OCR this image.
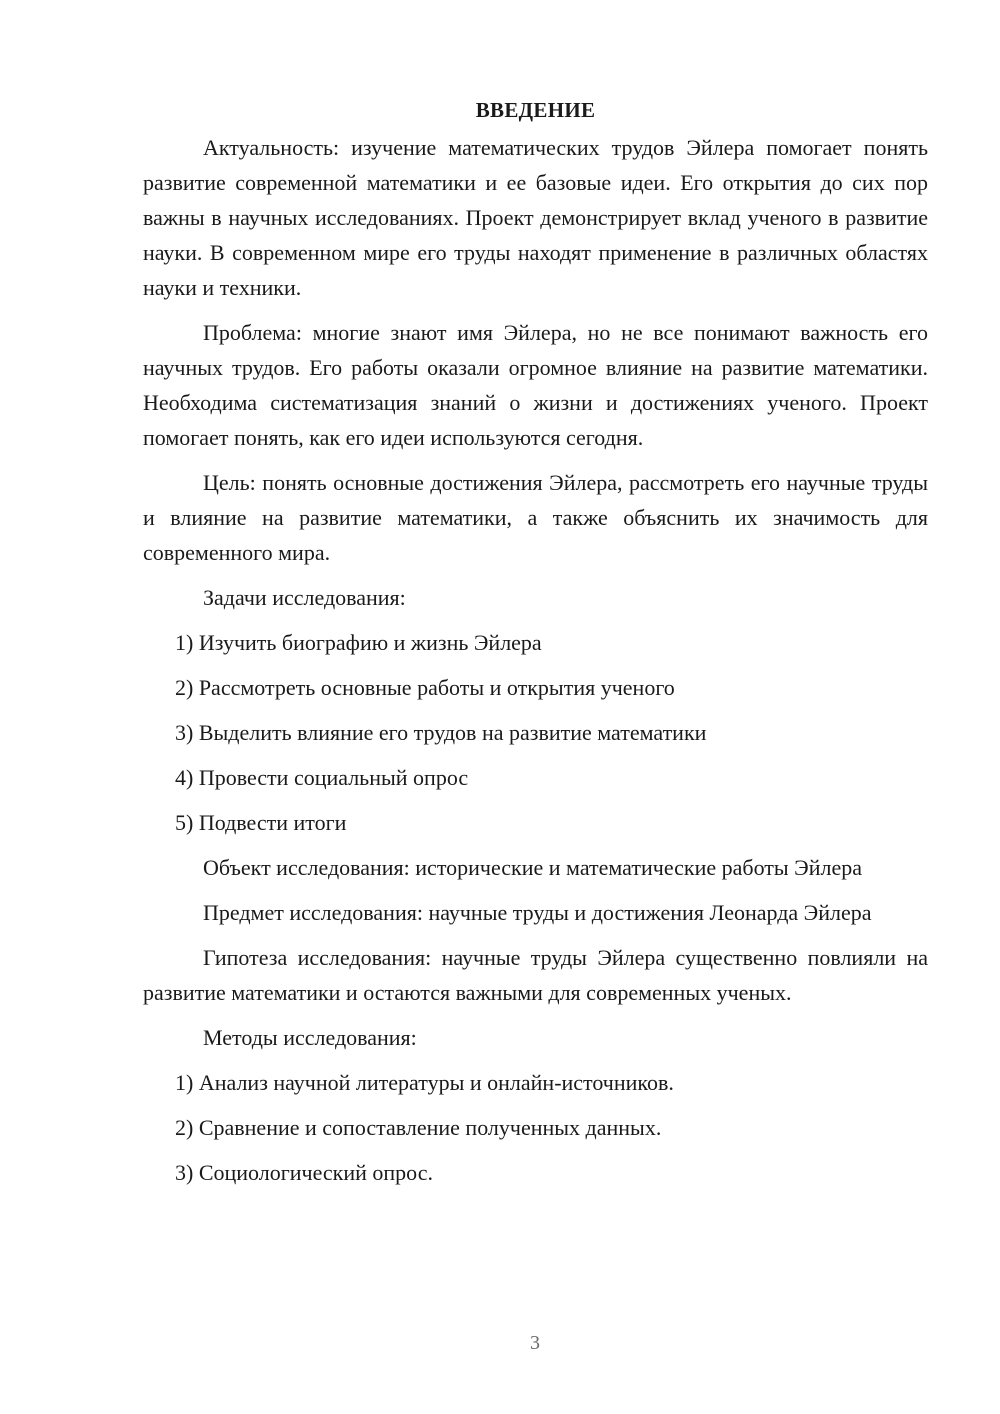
ВВЕДЕНИЕ

Актуальность: изучение математических трудов Эйлера помогает понять развитие современной математики и ее базовые идеи. Его открытия до сих пор важны в научных исследованиях. Проект демонстрирует вклад ученого в развитие науки. В современном мире его труды находят применение в различных областях науки и техники.

Проблема: многие знают имя Эйлера, но не все понимают важность его научных трудов. Его работы оказали огромное влияние на развитие математики. Необходима систематизация знаний о жизни и достижениях ученого. Проект помогает понять, как его идеи используются сегодня.

Цель: понять основные достижения Эйлера, рассмотреть его научные труды и влияние на развитие математики, а также объяснить их значимость для современного мира.

Задачи исследования:

1) Изучить биографию и жизнь Эйлера

2) Рассмотреть основные работы и открытия ученого

3) Выделить влияние его трудов на развитие математики

4) Провести социальный опрос

5) Подвести итоги

Объект исследования: исторические и математические работы Эйлера

Предмет исследования: научные труды и достижения Леонарда Эйлера

Гипотеза исследования: научные труды Эйлера существенно повлияли на развитие математики и остаются важными для современных ученых.

Методы исследования:

1) Анализ научной литературы и онлайн-источников.

2) Сравнение и сопоставление полученных данных.

3) Социологический опрос.

3
